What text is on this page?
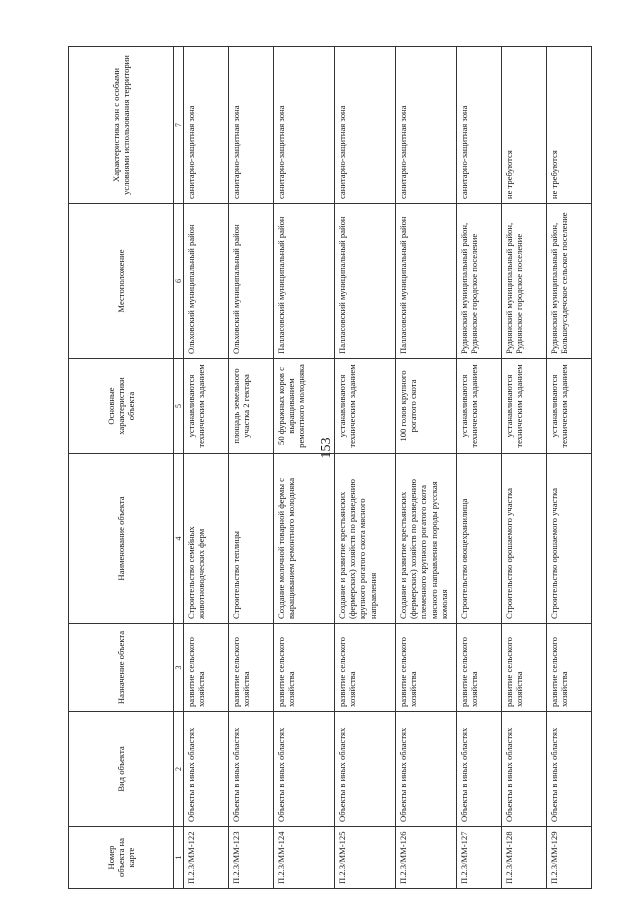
153
Номер объекта на карте	Вид объекта	Назначение объекта	Наименование объекта	Основные характеристики объекта	Местоположение	Характеристика зон с особыми условиями использования территории
1	2	3	4	5	6	7
П.2.3/ММ-122	Объекты в иных областях	развитие сельского хозяйства	Строительство семейных животноводческих ферм	устанавливаются техническим заданием	Ольховский муниципальный район	санитарно-защитная зона
П.2.3/ММ-123	Объекты в иных областях	развитие сельского хозяйства	Строительство теплицы	площадь земельного участка 2 гектара	Ольховский муниципальный район	санитарно-защитная зона
П.2.3/ММ-124	Объекты в иных областях	развитие сельского хозяйства	Создание молочной товарной фермы с выращиванием ремонтного молодняка	50 фуражных коров с выращиванием ремонтного молодняка	Палласовский муниципальный район	санитарно-защитная зона
П.2.3/ММ-125	Объекты в иных областях	развитие сельского хозяйства	Создание и развитие крестьянских (фермерских) хозяйств по разведению крупного рогатого скота мясного направления	устанавливаются техническим заданием	Палласовский муниципальный район	санитарно-защитная зона
П.2.3/ММ-126	Объекты в иных областях	развитие сельского хозяйства	Создание и развитие крестьянских (фермерских) хозяйств по разведению племенного крупного рогатого скота мясного направления породы русская комолая	100 голов крупного рогатого скота	Палласовский муниципальный район	санитарно-защитная зона
П.2.3/ММ-127	Объекты в иных областях	развитие сельского хозяйства	Строительство овощехранилища	устанавливаются техническим заданием	Руднянский муниципальный район, Руднянское городское поселение	санитарно-защитная зона
П.2.3/ММ-128	Объекты в иных областях	развитие сельского хозяйства	Строительство орошаемого участка	устанавливаются техническим заданием	Руднянский муниципальный район, Руднянское городское поселение	не требуются
П.2.3/ММ-129	Объекты в иных областях	развитие сельского хозяйства	Строительство орошаемого участка	устанавливаются техническим заданием	Руднянский муниципальный район, Большеусадечское сельское поселение	не требуются
